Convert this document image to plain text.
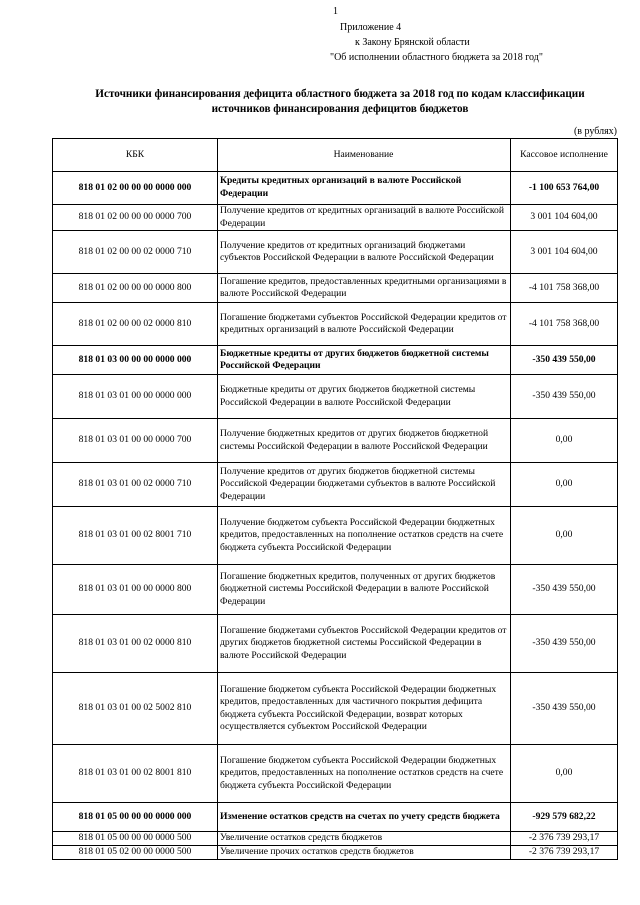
1
Приложение 4
к Закону Брянской области
"Об исполнении областного бюджета за 2018 год"
Источники финансирования дефицита областного бюджета за 2018 год по кодам классификации
источников финансирования дефицитов бюджетов
(в рублях)
КБК	Наименование	Кассовое исполнение
818 01 02 00 00 00 0000 000	Кредиты кредитных организаций в валюте Российской Федерации	-1 100 653 764,00
818 01 02 00 00 00 0000 700	Получение кредитов от кредитных организаций в валюте Российской Федерации	3 001 104 604,00
818 01 02 00 00 02 0000 710	Получение кредитов от кредитных организаций бюджетами субъектов Российской Федерации в валюте Российской Федерации	3 001 104 604,00
818 01 02 00 00 00 0000 800	Погашение кредитов, предоставленных кредитными организациями в валюте Российской Федерации	-4 101 758 368,00
818 01 02 00 00 02 0000 810	Погашение бюджетами субъектов Российской Федерации кредитов от кредитных организаций в валюте Российской Федерации	-4 101 758 368,00
818 01 03 00 00 00 0000 000	Бюджетные кредиты от других бюджетов бюджетной системы Российской Федерации	-350 439 550,00
818 01 03 01 00 00 0000 000	Бюджетные кредиты от других бюджетов бюджетной системы Российской Федерации в валюте Российской Федерации	-350 439 550,00
818 01 03 01 00 00 0000 700	Получение бюджетных кредитов от других бюджетов бюджетной системы Российской Федерации в валюте Российской Федерации	0,00
818 01 03 01 00 02 0000 710	Получение кредитов от других бюджетов бюджетной системы Российской Федерации бюджетами субъектов в валюте Российской Федерации	0,00
818 01 03 01 00 02 8001 710	Получение бюджетом субъекта Российской Федерации бюджетных кредитов, предоставленных на пополнение остатков средств на счете бюджета субъекта Российской Федерации	0,00
818 01 03 01 00 00 0000 800	Погашение бюджетных кредитов, полученных от других бюджетов бюджетной системы Российской Федерации в валюте Российской Федерации	-350 439 550,00
818 01 03 01 00 02 0000 810	Погашение бюджетами субъектов Российской Федерации кредитов от других бюджетов бюджетной системы Российской Федерации в валюте Российской Федерации	-350 439 550,00
818 01 03 01 00 02 5002 810	Погашение бюджетом субъекта Российской Федерации бюджетных кредитов, предоставленных для частичного покрытия дефицита бюджета субъекта Российской Федерации, возврат которых осуществляется субъектом Российской Федерации	-350 439 550,00
818 01 03 01 00 02 8001 810	Погашение бюджетом субъекта Российской Федерации бюджетных кредитов, предоставленных на пополнение остатков средств на счете бюджета субъекта Российской Федерации	0,00
818 01 05 00 00 00 0000 000	Изменение остатков средств на счетах по учету средств бюджета	-929 579 682,22
818 01 05 00 00 00 0000 500	Увеличение остатков средств бюджетов	-2 376 739 293,17
818 01 05 02 00 00 0000 500	Увеличение прочих остатков средств бюджетов	-2 376 739 293,17
